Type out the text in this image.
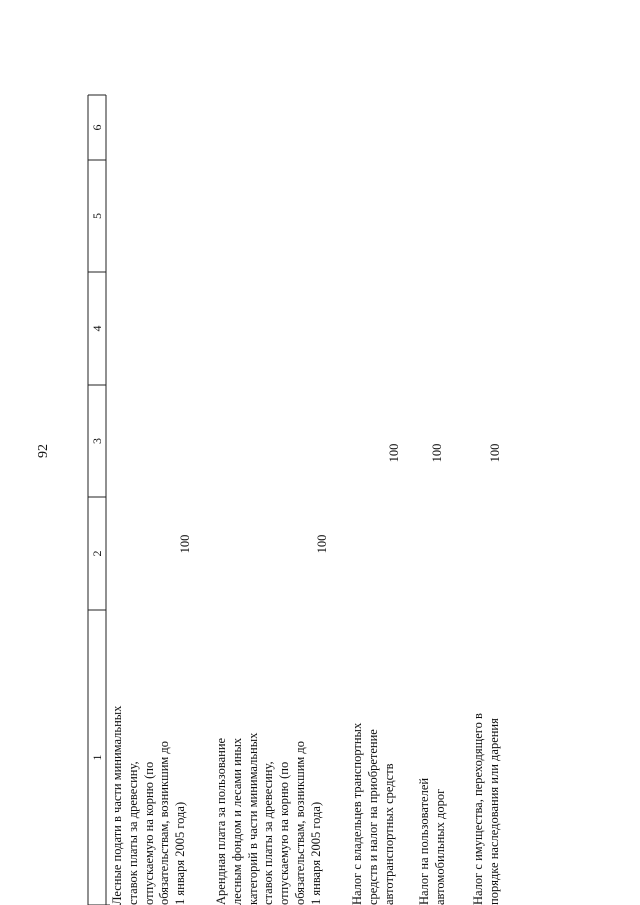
92
1
2
3
4
5
6
Лесные подати в части минимальных ставок платы за древесину, отпускаемую на корню (по обязательствам, возникшим до 1 января 2005 года)
100
Арендная плата за пользование лесным фондом и лесами иных категорий в части минимальных ставок платы за древесину, отпускаемую на корню (по обязательствам, возникшим до 1 января 2005 года)
100
Налог с владельцев транспортных средств и налог на приобретение автотранспортных средств
100
Налог на пользователей автомобильных дорог
100
Налог с имущества, переходящего в порядке наследования или дарения
100
